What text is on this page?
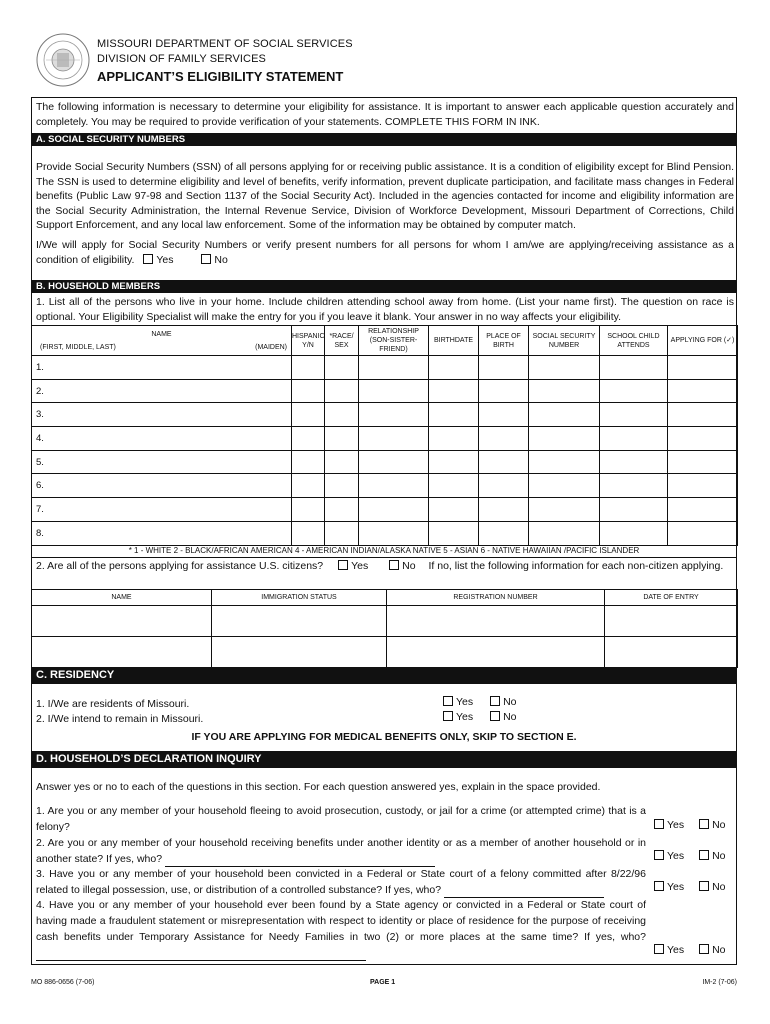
MISSOURI DEPARTMENT OF SOCIAL SERVICES
DIVISION OF FAMILY SERVICES
APPLICANT’S ELIGIBILITY STATEMENT
The following information is necessary to determine your eligibility for assistance. It is important to answer each applicable question accurately and completely. You may be required to provide verification of your statements. COMPLETE THIS FORM IN INK.
A. SOCIAL SECURITY NUMBERS
Provide Social Security Numbers (SSN) of all persons applying for or receiving public assistance. It is a condition of eligibility except for Blind Pension. The SSN is used to determine eligibility and level of benefits, verify information, prevent duplicate participation, and facilitate mass changes in Federal benefits (Public Law 97-98 and Section 1137 of the Social Security Act). Included in the agencies contacted for income and eligibility information are the Social Security Administration, the Internal Revenue Service, Division of Workforce Development, Missouri Department of Corrections, Child Support Enforcement, and any local law enforcement. Some of the information may be obtained by computer match.
I/We will apply for Social Security Numbers or verify present numbers for all persons for whom I am/we are applying/receiving assistance as a condition of eligibility. Yes	No
B. HOUSEHOLD MEMBERS
1. List all of the persons who live in your home. Include children attending school away from home. (List your name first). The question on race is optional. Your Eligibility Specialist will make the entry for you if you leave it blank. Your answer in no way affects your eligibility.
NAME
(FIRST, MIDDLE, LAST) (MAIDEN)	HISPANIC Y/N	*RACE/ SEX	RELATIONSHIP (SON-SISTER- FRIEND)	BIRTHDATE	PLACE OF BIRTH	SOCIAL SECURITY NUMBER	SCHOOL CHILD ATTENDS	APPLYING FOR (✓)
1.								
2.								
3.								
4.								
5.								
6.								
7.								
8.								
* 1 - WHITE 2 - BLACK/AFRICAN AMERICAN 4 - AMERICAN INDIAN/ALASKA NATIVE 5 - ASIAN 6 - NATIVE HAWAIIAN /PACIFIC ISLANDER
2. Are all of the persons applying for assistance U.S. citizens?	Yes	No If no, list the following information for each non-citizen applying.
NAME	IMMIGRATION STATUS	REGISTRATION NUMBER	DATE OF ENTRY

C. RESIDENCY
1. I/We are residents of Missouri.
2. I/We intend to remain in Missouri.
Yes	No
Yes	No
IF YOU ARE APPLYING FOR MEDICAL BENEFITS ONLY, SKIP TO SECTION E.
D. HOUSEHOLD’S DECLARATION INQUIRY
Answer yes or no to each of the questions in this section. For each question answered yes, explain in the space provided.
1. Are you or any member of your household fleeing to avoid prosecution, custody, or jail for a crime (or attempted crime) that is a felony?
2. Are you or any member of your household receiving benefits under another identity or as a member of another household or in another state? If yes, who?
3. Have you or any member of your household been convicted in a Federal or State court of a felony committed after 8/22/96 related to illegal possession, use, or distribution of a controlled substance? If yes, who?
4. Have you or any member of your household ever been found by a State agency or convicted in a Federal or State court of having made a fraudulent statement or misrepresentation with respect to identity or place of residence for the purpose of receiving cash benefits under Temporary Assistance for Needy Families in two (2) or more places at the same time? If yes, who?
Yes	No
Yes	No
Yes	No
Yes	No
MO 886-0656 (7-06)	PAGE 1	IM-2 (7-06)
